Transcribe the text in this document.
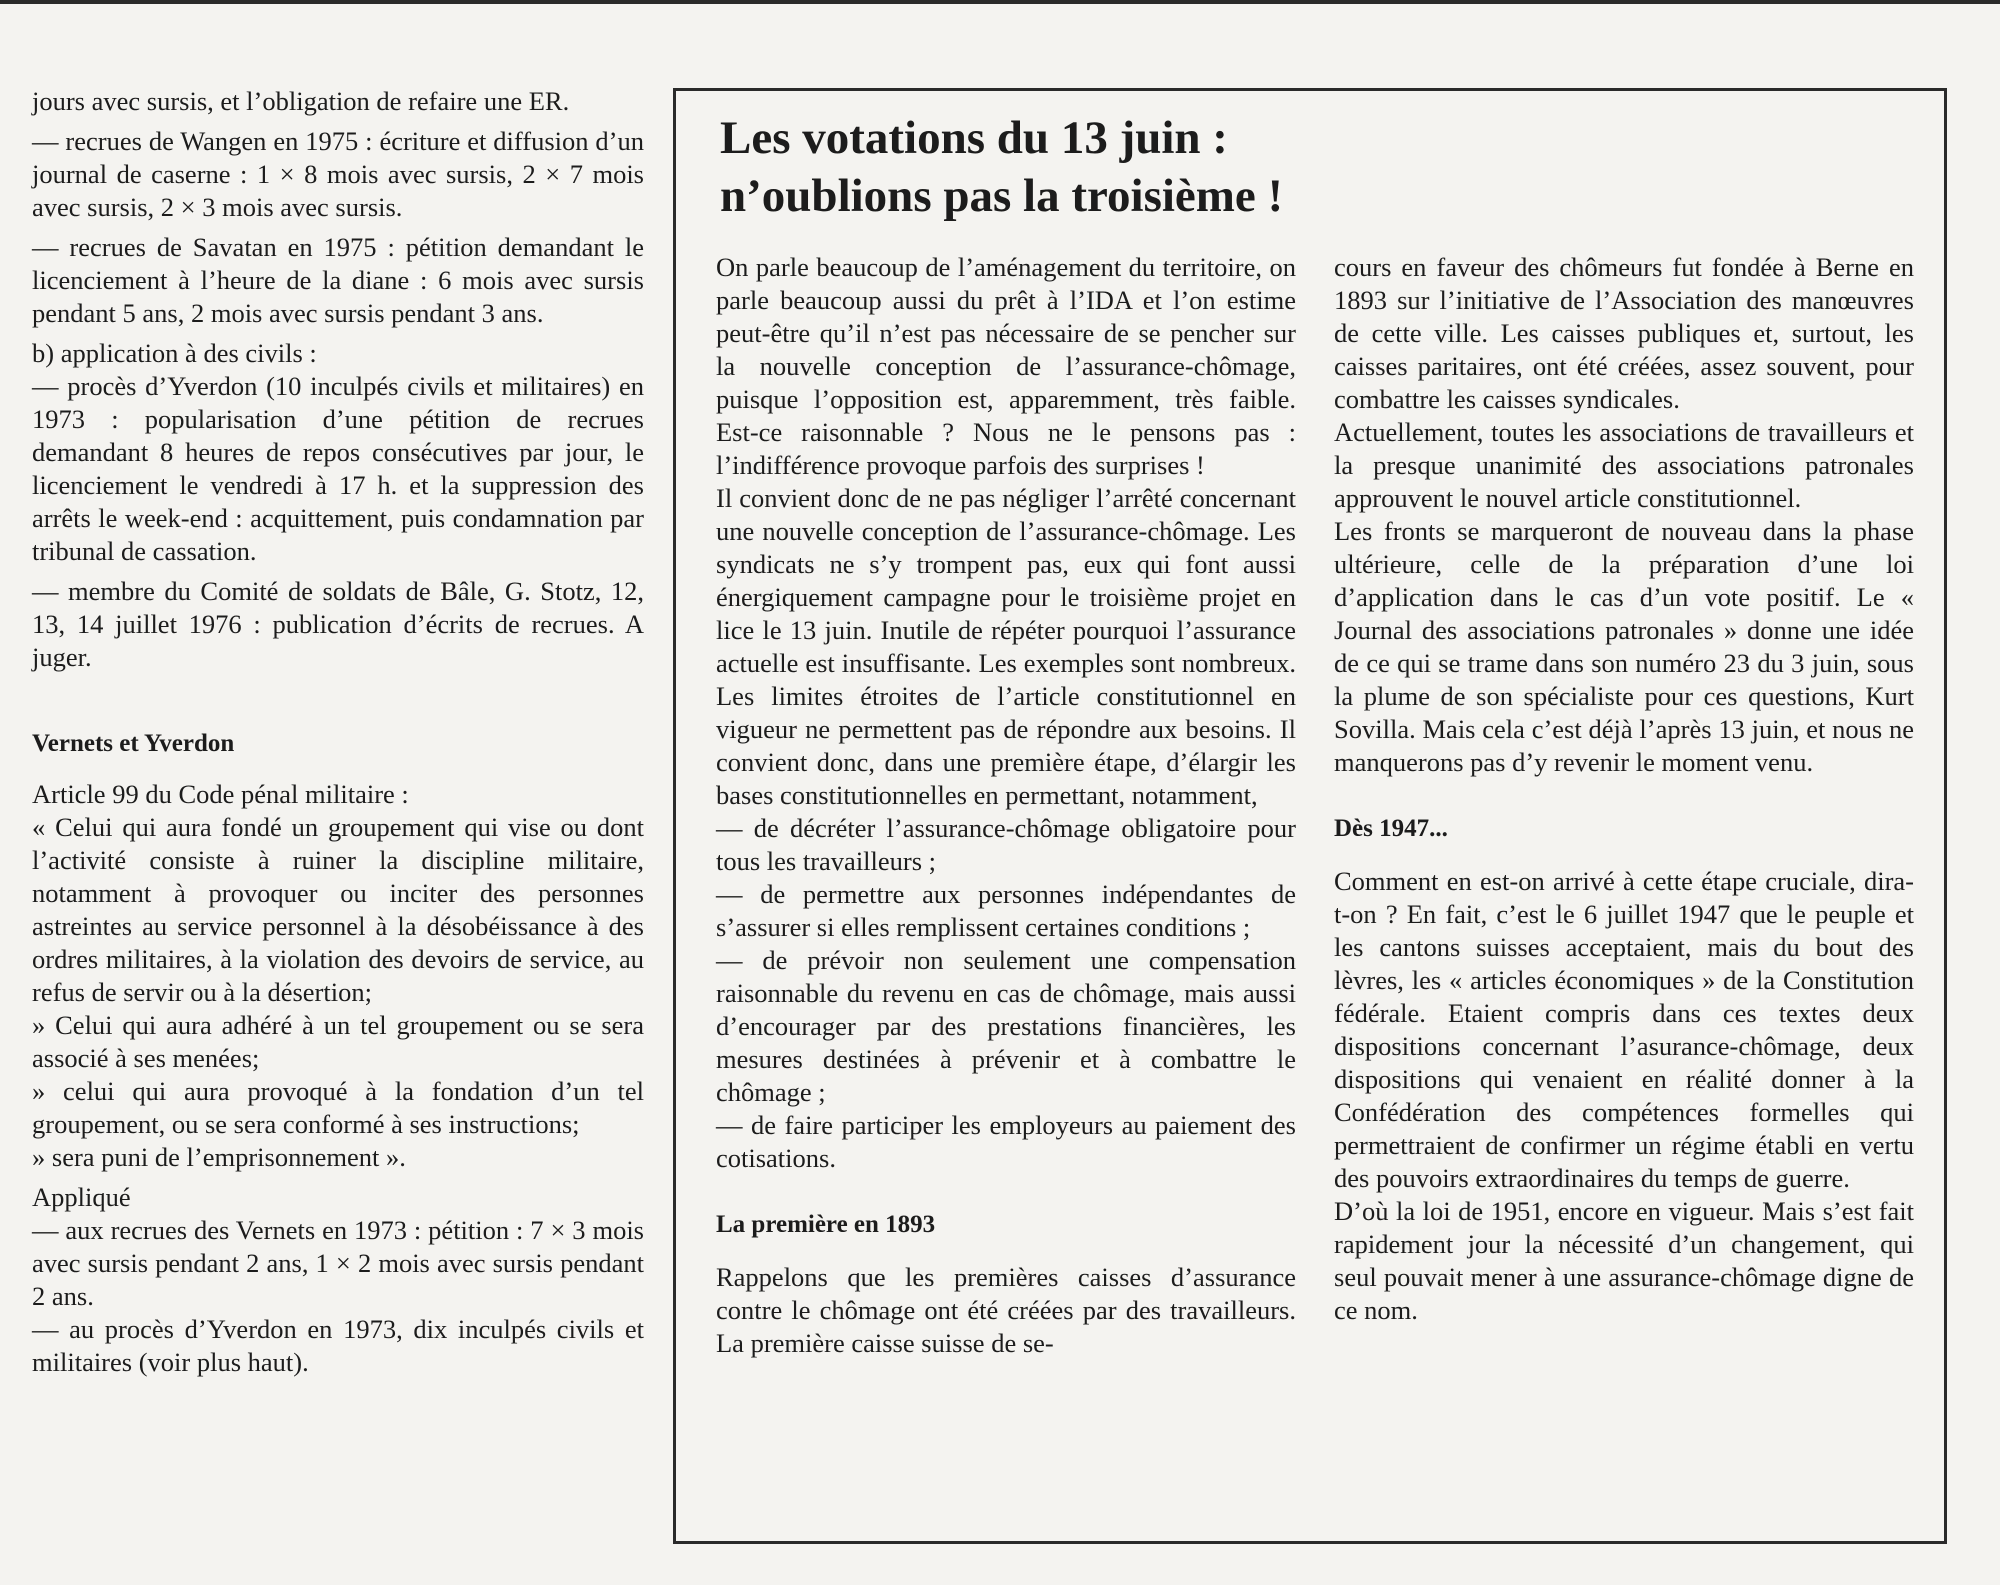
jours avec sursis, et l’obligation de refaire une ER.

— recrues de Wangen en 1975 : écriture et diffusion d’un journal de caserne : 1 × 8 mois avec sursis, 2 × 7 mois avec sursis, 2 × 3 mois avec sursis.

— recrues de Savatan en 1975 : pétition demandant le licenciement à l’heure de la diane : 6 mois avec sursis pendant 5 ans, 2 mois avec sursis pendant 3 ans.

b) application à des civils :

— procès d’Yverdon (10 inculpés civils et militaires) en 1973 : popularisation d’une pétition de recrues demandant 8 heures de repos consécutives par jour, le licenciement le vendredi à 17 h. et la suppression des arrêts le week-end : acquittement, puis condamnation par tribunal de cassation.

— membre du Comité de soldats de Bâle, G. Stotz, 12, 13, 14 juillet 1976 : publication d’écrits de recrues. A juger.

Vernets et Yverdon

Article 99 du Code pénal militaire :

« Celui qui aura fondé un groupement qui vise ou dont l’activité consiste à ruiner la discipline militaire, notamment à provoquer ou inciter des personnes astreintes au service personnel à la désobéissance à des ordres militaires, à la violation des devoirs de service, au refus de servir ou à la désertion;

» Celui qui aura adhéré à un tel groupement ou se sera associé à ses menées;

» celui qui aura provoqué à la fondation d’un tel groupement, ou se sera conformé à ses instructions;

» sera puni de l’emprisonnement ».

Appliqué

— aux recrues des Vernets en 1973 : pétition : 7 × 3 mois avec sursis pendant 2 ans, 1 × 2 mois avec sursis pendant 2 ans.

— au procès d’Yverdon en 1973, dix inculpés civils et militaires (voir plus haut).

Les votations du 13 juin :
n’oublions pas la troisième !

On parle beaucoup de l’aménagement du territoire, on parle beaucoup aussi du prêt à l’IDA et l’on estime peut-être qu’il n’est pas nécessaire de se pencher sur la nouvelle conception de l’assurance-chômage, puisque l’opposition est, apparemment, très faible. Est-ce raisonnable ? Nous ne le pensons pas : l’indifférence provoque parfois des surprises !

Il convient donc de ne pas négliger l’arrêté concernant une nouvelle conception de l’assurance-chômage. Les syndicats ne s’y trompent pas, eux qui font aussi énergiquement campagne pour le troisième projet en lice le 13 juin. Inutile de répéter pourquoi l’assurance actuelle est insuffisante. Les exemples sont nombreux. Les limites étroites de l’article constitutionnel en vigueur ne permettent pas de répondre aux besoins. Il convient donc, dans une première étape, d’élargir les bases constitutionnelles en permettant, notamment,

— de décréter l’assurance-chômage obligatoire pour tous les travailleurs ;

— de permettre aux personnes indépendantes de s’assurer si elles remplissent certaines conditions ;

— de prévoir non seulement une compensation raisonnable du revenu en cas de chômage, mais aussi d’encourager par des prestations financières, les mesures destinées à prévenir et à combattre le chômage ;

— de faire participer les employeurs au paiement des cotisations.

La première en 1893

Rappelons que les premières caisses d’assurance contre le chômage ont été créées par des travailleurs. La première caisse suisse de se-

cours en faveur des chômeurs fut fondée à Berne en 1893 sur l’initiative de l’Association des manœuvres de cette ville. Les caisses publiques et, surtout, les caisses paritaires, ont été créées, assez souvent, pour combattre les caisses syndicales.

Actuellement, toutes les associations de travailleurs et la presque unanimité des associations patronales approuvent le nouvel article constitutionnel.

Les fronts se marqueront de nouveau dans la phase ultérieure, celle de la préparation d’une loi d’application dans le cas d’un vote positif. Le « Journal des associations patronales » donne une idée de ce qui se trame dans son numéro 23 du 3 juin, sous la plume de son spécialiste pour ces questions, Kurt Sovilla. Mais cela c’est déjà l’après 13 juin, et nous ne manquerons pas d’y revenir le moment venu.

Dès 1947...

Comment en est-on arrivé à cette étape cruciale, dira-t-on ? En fait, c’est le 6 juillet 1947 que le peuple et les cantons suisses acceptaient, mais du bout des lèvres, les « articles économiques » de la Constitution fédérale. Etaient compris dans ces textes deux dispositions concernant l’asurance-chômage, deux dispositions qui venaient en réalité donner à la Confédération des compétences formelles qui permettraient de confirmer un régime établi en vertu des pouvoirs extraordinaires du temps de guerre.

D’où la loi de 1951, encore en vigueur. Mais s’est fait rapidement jour la nécessité d’un changement, qui seul pouvait mener à une assurance-chômage digne de ce nom.
